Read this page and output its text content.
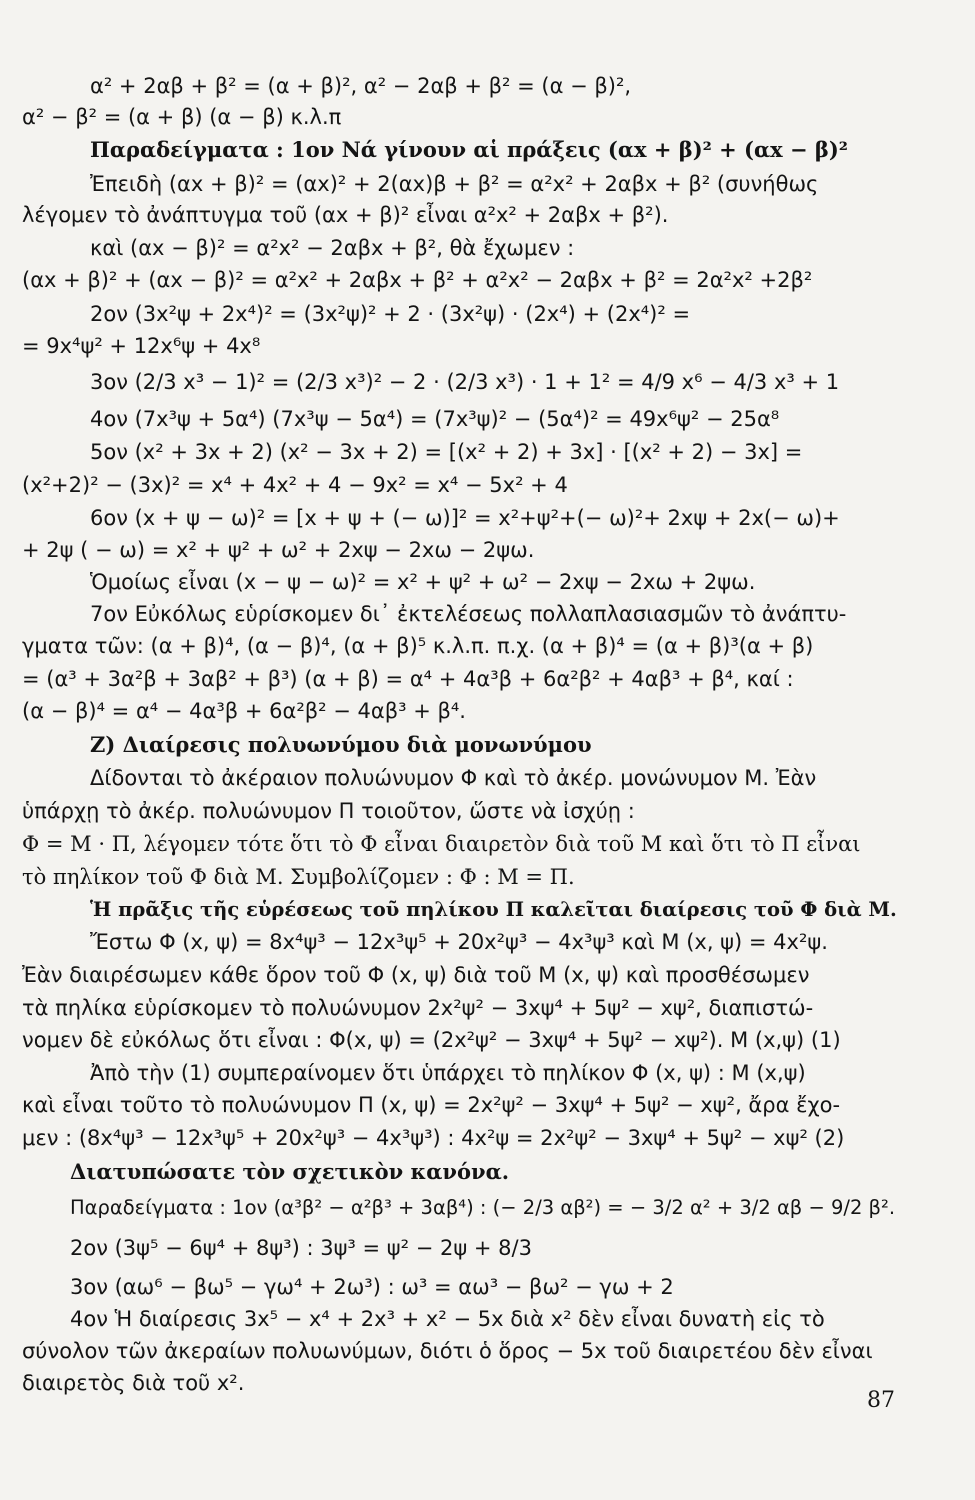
α² + 2αβ + β² = (α + β)², α² − 2αβ + β² = (α − β)²,
α² − β² = (α + β) (α − β) κ.λ.π
Παραδείγματα : 1ον Νά γίνουν αἱ πράξεις (αx + β)² + (αx − β)²
Ἐπειδὴ (αx + β)² = (αx)² + 2(αx)β + β² = α²x² + 2αβx + β² (συνήθως
λέγομεν τὸ ἀνάπτυγμα τοῦ (αx + β)² εἶναι α²x² + 2αβx + β²).
καὶ (αx − β)² = α²x² − 2αβx + β², θὰ ἔχωμεν :
(αx + β)² + (αx − β)² = α²x² + 2αβx + β² + α²x² − 2αβx + β² = 2α²x² +2β²
2ον (3x²ψ + 2x⁴)² = (3x²ψ)² + 2 · (3x²ψ) · (2x⁴) + (2x⁴)² =
= 9x⁴ψ² + 12x⁶ψ + 4x⁸
3ον (2/3 x³ − 1)² = (2/3 x³)² − 2 · (2/3 x³) · 1 + 1² = 4/9 x⁶ − 4/3 x³ + 1
4ον (7x³ψ + 5α⁴) (7x³ψ − 5α⁴) = (7x³ψ)² − (5α⁴)² = 49x⁶ψ² − 25α⁸
5ον (x² + 3x + 2) (x² − 3x + 2) = [(x² + 2) + 3x] · [(x² + 2) − 3x] =
(x²+2)² − (3x)² = x⁴ + 4x² + 4 − 9x² = x⁴ − 5x² + 4
6ον (x + ψ − ω)² = [x + ψ + (− ω)]² = x²+ψ²+(− ω)²+ 2xψ + 2x(− ω)+
+ 2ψ ( − ω) = x² + ψ² + ω² + 2xψ − 2xω − 2ψω.
Ὁμοίως εἶναι (x − ψ − ω)² = x² + ψ² + ω² − 2xψ − 2xω + 2ψω.
7ον Εὐκόλως εὑρίσκομεν δι᾽ ἐκτελέσεως πολλαπλασιασμῶν τὸ ἀνάπτυ-
γματα τῶν: (α + β)⁴, (α − β)⁴, (α + β)⁵ κ.λ.π. π.χ. (α + β)⁴ = (α + β)³(α + β)
= (α³ + 3α²β + 3αβ² + β³) (α + β) = α⁴ + 4α³β + 6α²β² + 4αβ³ + β⁴, καί :
(α − β)⁴ = α⁴ − 4α³β + 6α²β² − 4αβ³ + β⁴.
Ζ) Διαίρεσις πολυωνύμου διὰ μονωνύμου
Δίδονται τὸ ἀκέραιον πολυώνυμον Φ καὶ τὸ ἀκέρ. μονώνυμον Μ. Ἐὰν
ὑπάρχῃ τὸ ἀκέρ. πολυώνυμον Π τοιοῦτον, ὥστε νὰ ἰσχύῃ :
Φ = Μ · Π, λέγομεν τότε ὅτι τὸ Φ εἶναι διαιρετὸν διὰ τοῦ Μ καὶ ὅτι τὸ Π εἶναι
τὸ πηλίκον τοῦ Φ διὰ Μ. Συμβολίζομεν : Φ : Μ = Π.
Ἡ πρᾶξις τῆς εὑρέσεως τοῦ πηλίκου Π καλεῖται διαίρεσις τοῦ Φ διὰ Μ.
Ἔστω Φ (x, ψ) = 8x⁴ψ³ − 12x³ψ⁵ + 20x²ψ³ − 4x³ψ³ καὶ Μ (x, ψ) = 4x²ψ.
Ἐὰν διαιρέσωμεν κάθε ὅρον τοῦ Φ (x, ψ) διὰ τοῦ Μ (x, ψ) καὶ προσθέσωμεν
τὰ πηλίκα εὑρίσκομεν τὸ πολυώνυμον 2x²ψ² − 3xψ⁴ + 5ψ² − xψ², διαπιστώ-
νομεν δὲ εὐκόλως ὅτι εἶναι : Φ(x, ψ) = (2x²ψ² − 3xψ⁴ + 5ψ² − xψ²). Μ (x,ψ) (1)
Ἀπὸ τὴν (1) συμπεραίνομεν ὅτι ὑπάρχει τὸ πηλίκον Φ (x, ψ) : Μ (x,ψ)
καὶ εἶναι τοῦτο τὸ πολυώνυμον Π (x, ψ) = 2x²ψ² − 3xψ⁴ + 5ψ² − xψ², ἄρα ἔχο-
μεν : (8x⁴ψ³ − 12x³ψ⁵ + 20x²ψ³ − 4x³ψ³) : 4x²ψ = 2x²ψ² − 3xψ⁴ + 5ψ² − xψ² (2)
Διατυπώσατε τὸν σχετικὸν κανόνα.
Παραδείγματα : 1ον (α³β² − α²β³ + 3αβ⁴) : (− 2/3 αβ²) = − 3/2 α² + 3/2 αβ − 9/2 β².
2ον (3ψ⁵ − 6ψ⁴ + 8ψ³) : 3ψ³ = ψ² − 2ψ + 8/3
3ον (αω⁶ − βω⁵ − γω⁴ + 2ω³) : ω³ = αω³ − βω² − γω + 2
4ον Ἡ διαίρεσις 3x⁵ − x⁴ + 2x³ + x² − 5x διὰ x² δὲν εἶναι δυνατὴ εἰς τὸ
σύνολον τῶν ἀκεραίων πολυωνύμων, διότι ὁ ὅρος − 5x τοῦ διαιρετέου δὲν εἶναι
διαιρετὸς διὰ τοῦ x².
87
